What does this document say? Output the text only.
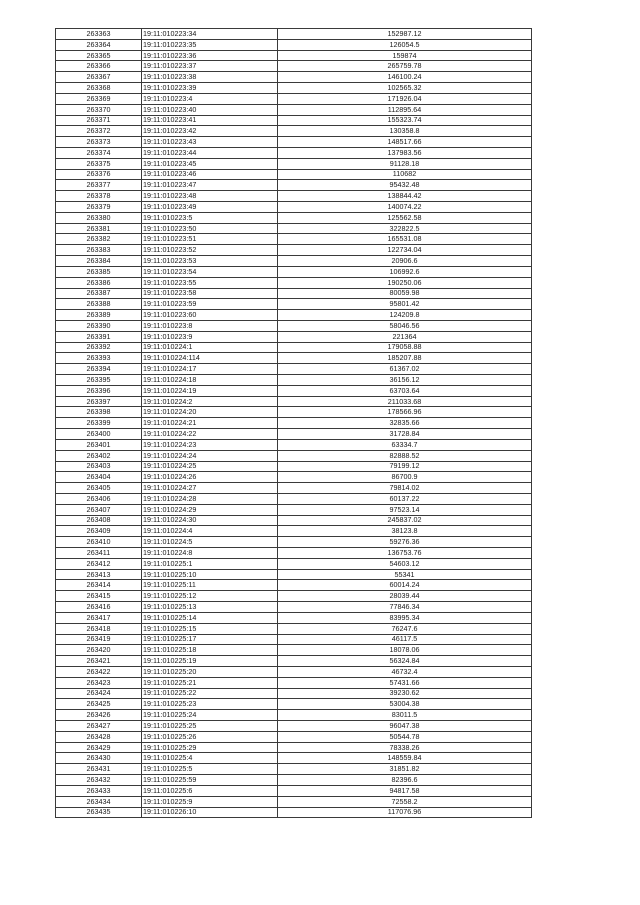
263363	19:11:010223:34	152987.12
263364	19:11:010223:35	126054.5
263365	19:11:010223:36	159874
263366	19:11:010223:37	265759.78
263367	19:11:010223:38	146100.24
263368	19:11:010223:39	102565.32
263369	19:11:010223:4	171926.04
263370	19:11:010223:40	112895.64
263371	19:11:010223:41	155323.74
263372	19:11:010223:42	130358.8
263373	19:11:010223:43	148517.66
263374	19:11:010223:44	137983.56
263375	19:11:010223:45	91128.18
263376	19:11:010223:46	110682
263377	19:11:010223:47	95432.48
263378	19:11:010223:48	138844.42
263379	19:11:010223:49	140074.22
263380	19:11:010223:5	125562.58
263381	19:11:010223:50	322822.5
263382	19:11:010223:51	165531.08
263383	19:11:010223:52	122734.04
263384	19:11:010223:53	20906.6
263385	19:11:010223:54	106992.6
263386	19:11:010223:55	190250.06
263387	19:11:010223:58	80059.98
263388	19:11:010223:59	95801.42
263389	19:11:010223:60	124209.8
263390	19:11:010223:8	58046.56
263391	19:11:010223:9	221364
263392	19:11:010224:1	179058.88
263393	19:11:010224:114	185207.88
263394	19:11:010224:17	61367.02
263395	19:11:010224:18	36156.12
263396	19:11:010224:19	63703.64
263397	19:11:010224:2	211033.68
263398	19:11:010224:20	178566.96
263399	19:11:010224:21	32835.66
263400	19:11:010224:22	31728.84
263401	19:11:010224:23	63334.7
263402	19:11:010224:24	82888.52
263403	19:11:010224:25	79199.12
263404	19:11:010224:26	86700.9
263405	19:11:010224:27	79814.02
263406	19:11:010224:28	60137.22
263407	19:11:010224:29	97523.14
263408	19:11:010224:30	245837.02
263409	19:11:010224:4	38123.8
263410	19:11:010224:5	59276.36
263411	19:11:010224:8	136753.76
263412	19:11:010225:1	54603.12
263413	19:11:010225:10	55341
263414	19:11:010225:11	60014.24
263415	19:11:010225:12	28039.44
263416	19:11:010225:13	77846.34
263417	19:11:010225:14	83995.34
263418	19:11:010225:15	76247.6
263419	19:11:010225:17	46117.5
263420	19:11:010225:18	18078.06
263421	19:11:010225:19	56324.84
263422	19:11:010225:20	46732.4
263423	19:11:010225:21	57431.66
263424	19:11:010225:22	39230.62
263425	19:11:010225:23	53004.38
263426	19:11:010225:24	83011.5
263427	19:11:010225:25	96047.38
263428	19:11:010225:26	50544.78
263429	19:11:010225:29	78338.26
263430	19:11:010225:4	148559.84
263431	19:11:010225:5	31851.82
263432	19:11:010225:59	82396.6
263433	19:11:010225:6	94817.58
263434	19:11:010225:9	72558.2
263435	19:11:010226:10	117076.96
